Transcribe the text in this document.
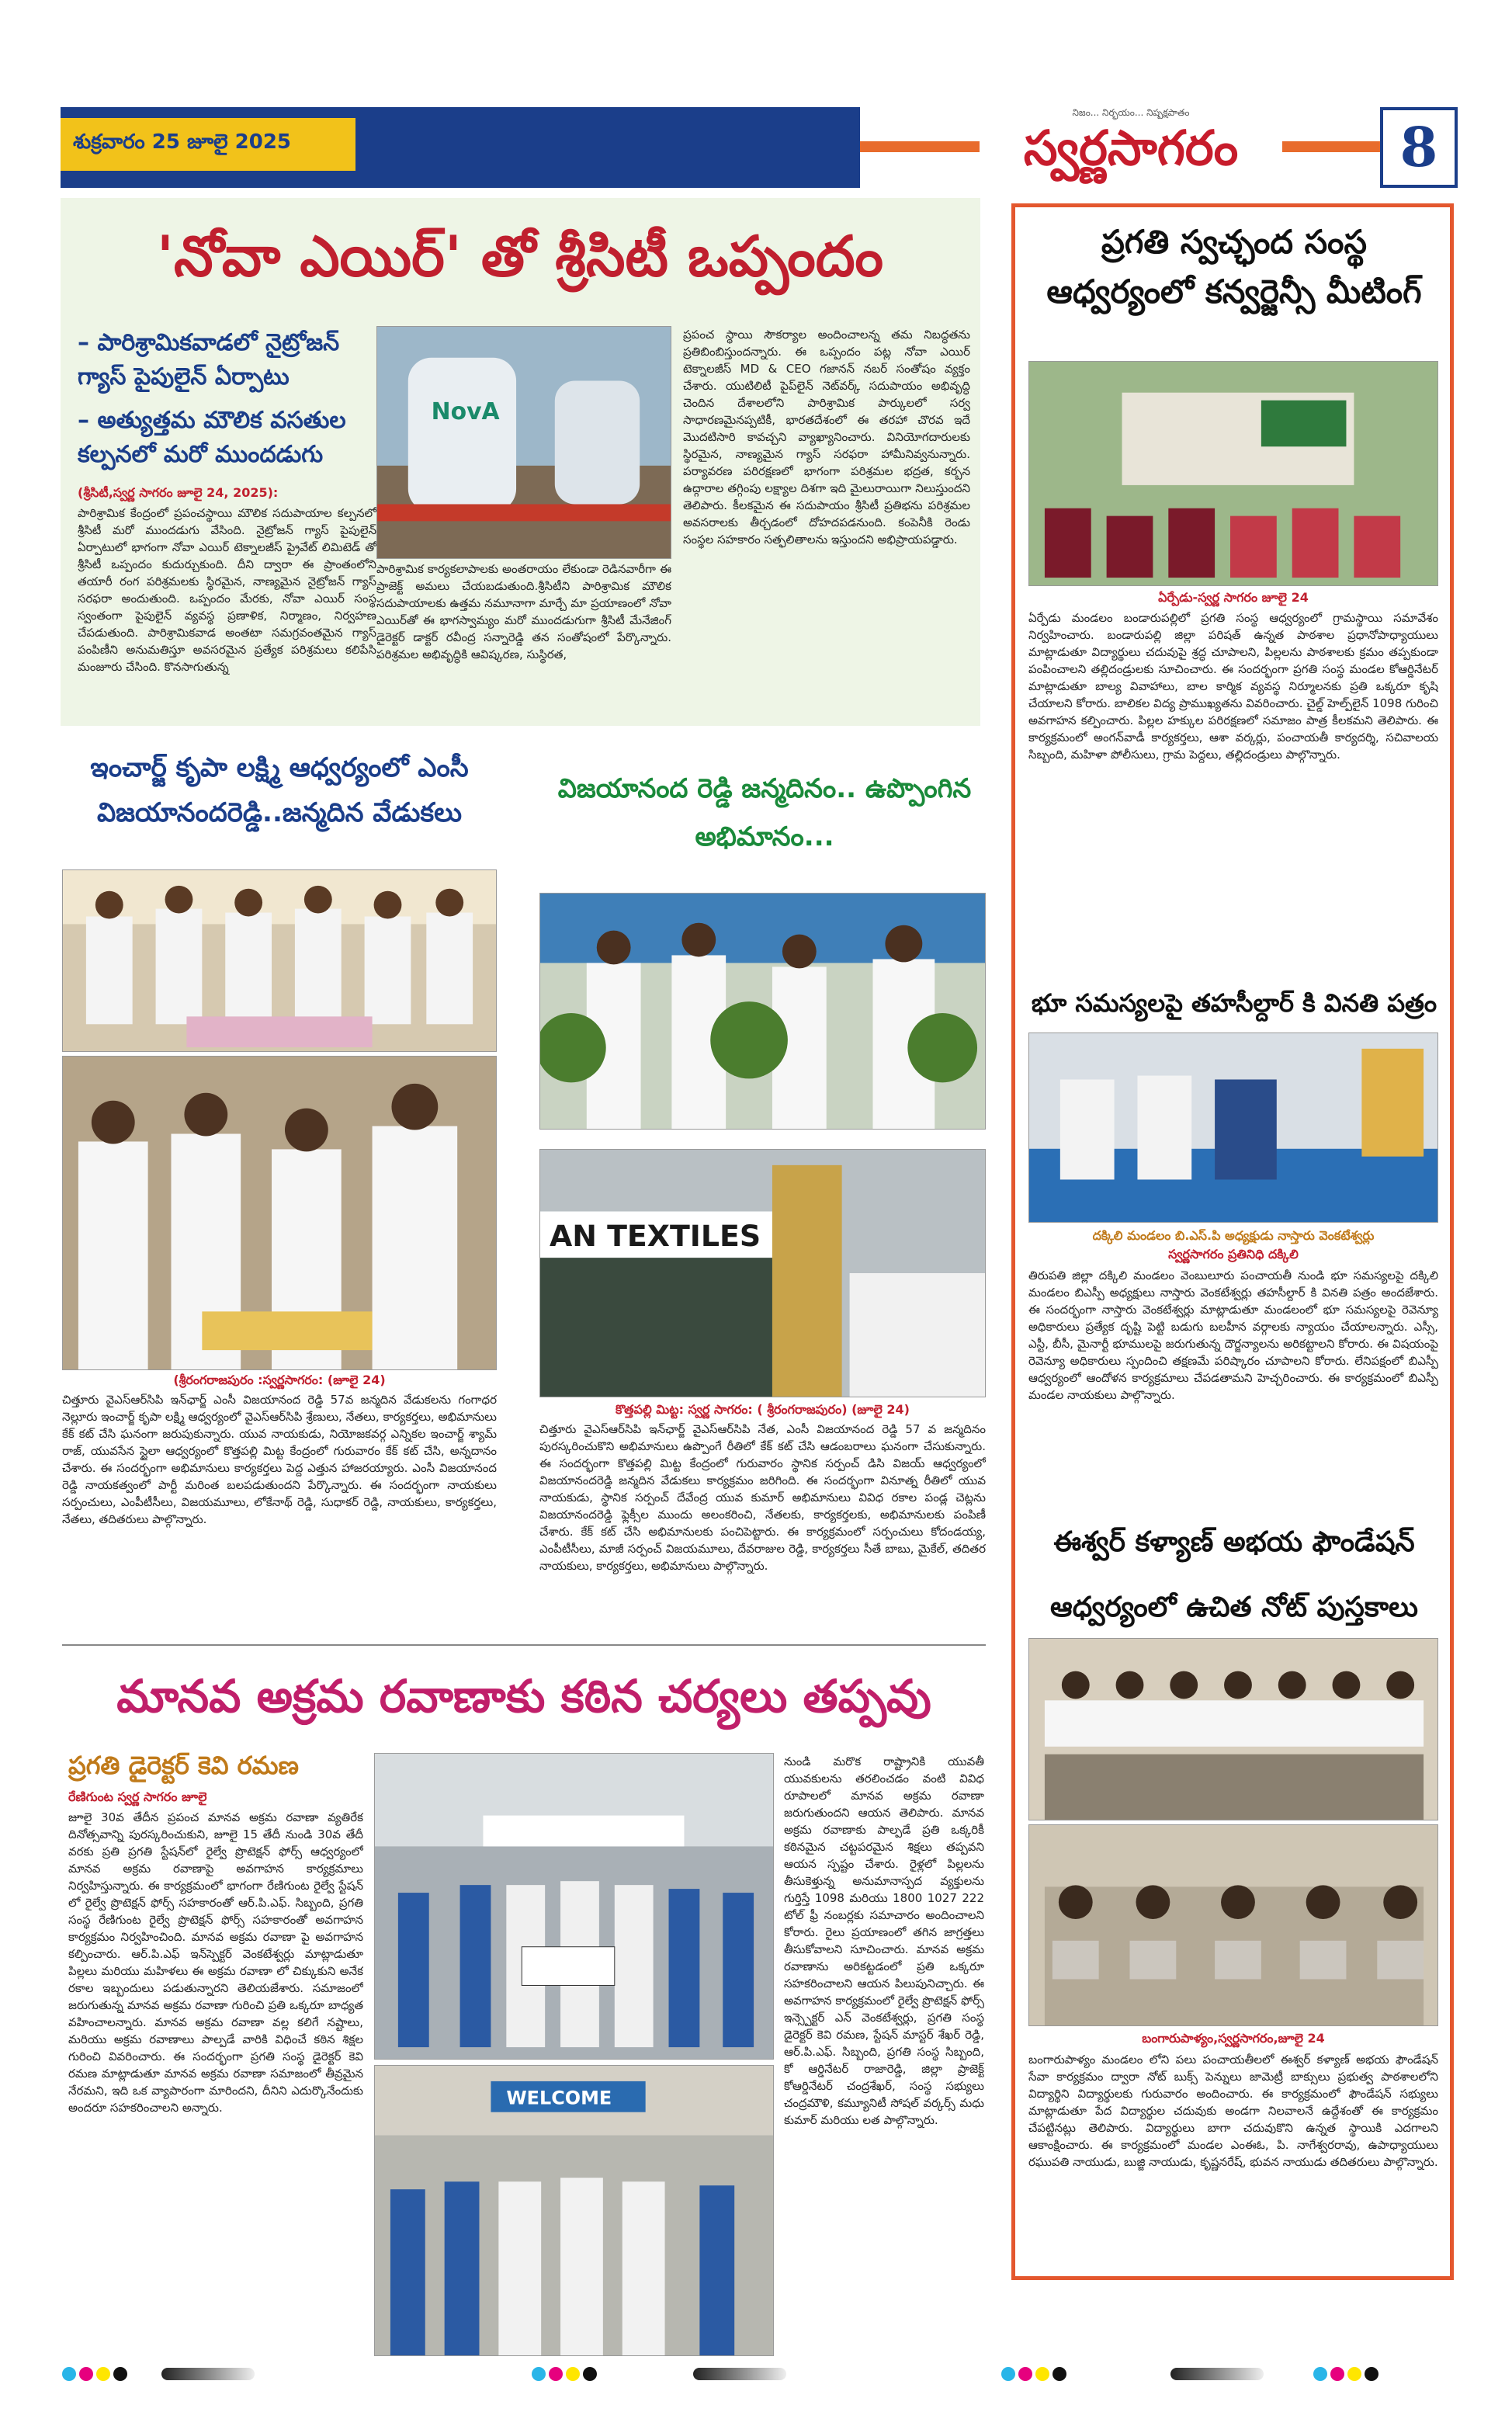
శుక్రవారం 25 జూలై 2025
నిజం... నిర్భయం... నిష్పక్షపాతం
స్వర్ణసాగరం	8
'నోవా ఎయిర్' తో శ్రీసిటీ ఒప్పందం
– పారిశ్రామికవాడలో నైట్రోజన్ గ్యాస్ పైపులైన్ ఏర్పాటు
– అత్యుత్తమ మౌలిక వసతుల కల్పనలో మరో ముందడుగు
(శ్రీసిటీ,స్వర్ణ సాగరం జూలై 24, 2025):
పారిశ్రామిక కేంద్రంలో ప్రపంచస్థాయి మౌలిక సదుపాయాల కల్పనలో శ్రీసిటీ మరో ముందడుగు వేసింది. నైట్రోజన్ గ్యాస్ పైపులైన్ ఏర్పాటులో భాగంగా నోవా ఎయిర్ టెక్నాలజీస్ ప్రైవేట్ లిమిటెడ్ తో శ్రీసిటీ ఒప్పందం కుదుర్చుకుంది. దీని ద్వారా ఈ ప్రాంతంలోని తయారీ రంగ పరిశ్రమలకు స్థిరమైన, నాణ్యమైన నైట్రోజన్ గ్యాస్ సరఫరా అందుతుంది. ఒప్పందం మేరకు, నోవా ఎయిర్ సంస్థ స్వంతంగా పైపులైన్ వ్యవస్థ ప్రణాళిక, నిర్మాణం, నిర్వహణ చేపడుతుంది. పారిశ్రామికవాడ అంతటా సమగ్రవంతమైన గ్యాస్ పంపిణీని అనుమతిస్తూ అవసరమైన ప్రత్యేక పరిశ్రమలు కలిపేసి మంజూరు చేసింది. కొనసాగుతున్న
NovA
పారిశ్రామిక కార్యకలాపాలకు అంతరాయం లేకుండా రెడినవారీగా ఈ ప్రాజెక్ట్ అమలు చేయబడుతుంది.శ్రీసిటీని పారిశ్రామిక మౌలిక సదుపాయాలకు ఉత్తమ నమూనాగా మార్చే మా ప్రయాణంలో నోవా ఎయిర్‌తో ఈ భాగస్వామ్యం మరో ముందడుగుగా శ్రీసిటీ మేనేజింగ్ డైరెక్టర్ డాక్టర్ రవీంద్ర సన్నారెడ్డి తన సంతోషంలో పేర్కొన్నారు. పరిశ్రమల అభివృద్ధికి ఆవిష్కరణ, సుస్థిరత,
ప్రపంచ స్థాయి సౌకర్యాల అందించాలన్న తమ నిబద్ధతను ప్రతిబింబిస్తుందన్నారు. ఈ ఒప్పందం పట్ల నోవా ఎయిర్ టెక్నాలజీస్ MD & CEO గజానన్ నబర్ సంతోషం వ్యక్తం చేశారు. యుటిలిటీ పైప్‌లైన్ నెట్‌వర్క్ సదుపాయం అభివృద్ధి చెందిన దేశాలలోని పారిశ్రామిక పార్కులలో సర్వ సాధారణమైనప్పటికీ, భారతదేశంలో ఈ తరహా చొరవ ఇదే మొదటిసారి కావచ్చని వ్యాఖ్యానించారు. వినియోగదారులకు స్థిరమైన, నాణ్యమైన గ్యాస్ సరఫరా హామీనివ్వనున్నారు. పర్యావరణ పరిరక్షణలో భాగంగా పరిశ్రమల భద్రత, కర్బన ఉద్గారాల తగ్గింపు లక్ష్యాల దిశగా ఇది మైలురాయిగా నిలుస్తుందని తెలిపారు. కీలకమైన ఈ సదుపాయం శ్రీసిటీ ప్రతిభను పరిశ్రమల అవసరాలకు తీర్చడంలో దోహదపడనుంది. కంపెనీకి రెండు సంస్థల సహకారం సత్ఫలితాలను ఇస్తుందని అభిప్రాయపడ్డారు.
ఇంచార్జ్ కృపా లక్ష్మి ఆధ్వర్యంలో ఎంసీ విజయానందరెడ్డి..జన్మదిన వేడుకలు
(శ్రీరంగరాజపురం :స్వర్ణసాగరం: (జూలై 24)
చిత్తూరు వైఎస్ఆర్‌సిపి ఇన్‌ఛార్జ్ ఎంసీ విజయానంద రెడ్డి 57వ జన్మదిన వేడుకలను గంగాధర నెల్లూరు ఇంచార్జ్ కృపా లక్ష్మి ఆధ్వర్యంలో వైఎస్ఆర్‌సిపి శ్రేణులు, నేతలు, కార్యకర్తలు, అభిమానులు కేక్ కట్ చేసి ఘనంగా జరుపుకున్నారు. యువ నాయకుడు, నియోజకవర్గ ఎన్నికల ఇంచార్జ్ శ్యామ్ రాజ్, యువసేన స్టైలా ఆధ్వర్యంలో కొత్తపల్లి మిట్ట కేంద్రంలో గురువారం కేక్ కట్ చేసి, అన్నదానం చేశారు. ఈ సందర్భంగా అభిమానులు కార్యకర్తలు పెద్ద ఎత్తున హాజరయ్యారు. ఎంసీ విజయానంద రెడ్డి నాయకత్వంలో పార్టీ మరింత బలపడుతుందని పేర్కొన్నారు. ఈ సందర్భంగా నాయకులు సర్పంచులు, ఎంపీటీసీలు, విజయమూలు, లోకేనాథ్ రెడ్డి, సుధాకర్ రెడ్డి, నాయకులు, కార్యకర్తలు, నేతలు, తదితరులు పాల్గొన్నారు.
విజయానంద రెడ్డి జన్మదినం.. ఉప్పొంగిన అభిమానం...
AN TEXTILES
కొత్తపల్లి మిట్ట: స్వర్ణ సాగరం: ( శ్రీరంగరాజపురం) (జూలై 24)
చిత్తూరు వైఎస్ఆర్‌సిపి ఇన్‌ఛార్జ్ వైఎస్ఆర్‌సిపి నేత, ఎంసీ విజయానంద రెడ్డి 57 వ జన్మదినం పురస్కరించుకొని అభిమానులు ఉప్పొంగే రీతిలో కేక్ కట్ చేసి ఆడంబరాలు ఘనంగా చేసుకున్నారు. ఈ సందర్భంగా కొత్తపల్లి మిట్ట కేంద్రంలో గురువారం స్థానిక సర్పంచ్ డిసి విజయ్ ఆధ్వర్యంలో విజయానందరెడ్డి జన్మదిన వేడుకలు కార్యక్రమం జరిగింది. ఈ సందర్భంగా వినూత్న రీతిలో యువ నాయకుడు, స్థానిక సర్పంచ్ దేవేంద్ర యువ కుమార్ అభిమానులు వివిధ రకాల పండ్ల చెట్లను విజయానందరెడ్డి ఫ్లెక్సీల ముందు అలంకరించి, నేతలకు, కార్యకర్తలకు, అభిమానులకు పంపిణీ చేశారు. కేక్ కట్ చేసి అభిమానులకు పంచిపెట్టారు. ఈ కార్యక్రమంలో సర్పంచులు కోదండయ్య, ఎంపీటీసీలు, మాజీ సర్పంచ్ విజయమూలు, దేవరాజుల రెడ్డి, కార్యకర్తలు సీతే బాబు, మైకేల్, తదితర నాయకులు, కార్యకర్తలు, అభిమానులు పాల్గొన్నారు.
మానవ అక్రమ రవాణాకు కఠిన చర్యలు తప్పవు
ప్రగతి డైరెక్టర్ కెవి రమణ
రేణిగుంట స్వర్ణ సాగరం జూలై
జూలై 30వ తేదీన ప్రపంచ మానవ అక్రమ రవాణా వ్యతిరేక దినోత్సవాన్ని పురస్కరించుకుని, జూలై 15 తేదీ నుండి 30వ తేదీ వరకు ప్రతి ప్రగతి స్టేషన్‌లో రైల్వే ప్రొటెక్షన్ ఫోర్స్ ఆధ్వర్యంలో మానవ అక్రమ రవాణాపై అవగాహన కార్యక్రమాలు నిర్వహిస్తున్నారు. ఈ కార్యక్రమంలో భాగంగా రేణిగుంట రైల్వే స్టేషన్ లో రైల్వే ప్రొటెక్షన్ ఫోర్స్ సహకారంతో ఆర్.పి.ఎఫ్. సిబ్బంది, ప్రగతి సంస్థ రేణిగుంట రైల్వే ప్రొటెక్షన్ ఫోర్స్ సహకారంతో అవగాహన కార్యక్రమం నిర్వహించింది. మానవ అక్రమ రవాణా పై అవగాహన కల్పించారు. ఆర్.పి.ఎఫ్ ఇన్‌స్పెక్టర్ వెంకటేశ్వర్లు మాట్లాడుతూ పిల్లలు మరియు మహిళలు ఈ అక్రమ రవాణా లో చిక్కుకుని అనేక రకాల ఇబ్బందులు పడుతున్నారని తెలియజేశారు. సమాజంలో జరుగుతున్న మానవ అక్రమ రవాణా గురించి ప్రతి ఒక్కరూ బాధ్యత వహించాలన్నారు. మానవ అక్రమ రవాణా వల్ల కలిగే నష్టాలు, మరియు అక్రమ రవాణాలు పాల్పడే వారికి విధించే కఠిన శిక్షల గురించి వివరించారు. ఈ సందర్భంగా ప్రగతి సంస్థ డైరెక్టర్ కెవి రమణ మాట్లాడుతూ మానవ అక్రమ రవాణా సమాజంలో తీవ్రమైన నేరమని, ఇది ఒక వ్యాపారంగా మారిందని, దీనిని ఎదుర్కొనేందుకు అందరూ సహకరించాలని అన్నారు.	WELCOME
నుండి మరొక రాష్ట్రానికి యువతీ యువకులను తరలించడం వంటి వివిధ రూపాలలో మానవ అక్రమ రవాణా జరుగుతుందని ఆయన తెలిపారు. మానవ అక్రమ రవాణాకు పాల్పడే ప్రతి ఒక్కరికీ కఠినమైన చట్టపరమైన శిక్షలు తప్పవని ఆయన స్పష్టం చేశారు. రైళ్లలో పిల్లలను తీసుకెళ్తున్న అనుమానాస్పద వ్యక్తులను గుర్తిస్తే 1098 మరియు 1800 1027 222 టోల్ ఫ్రీ నంబర్లకు సమాచారం అందించాలని కోరారు. రైలు ప్రయాణంలో తగిన జాగ్రత్తలు తీసుకోవాలని సూచించారు. మానవ అక్రమ రవాణాను అరికట్టడంలో ప్రతి ఒక్కరూ సహకరించాలని ఆయన పిలుపునిచ్చారు. ఈ అవగాహన కార్యక్రమంలో రైల్వే ప్రొటెక్షన్ ఫోర్స్ ఇన్స్పెక్టర్ ఎన్ వెంకటేశ్వర్లు, ప్రగతి సంస్థ డైరెక్టర్ కెవి రమణ, స్టేషన్ మాస్టర్ శేఖర్ రెడ్డి, ఆర్.పి.ఎఫ్. సిబ్బంది, ప్రగతి సంస్థ సిబ్బంది, కో ఆర్డినేటర్ రాజారెడ్డి, జిల్లా ప్రాజెక్ట్ కోఆర్డినేటర్ చంద్రశేఖర్, సంస్థ సభ్యులు చంద్రమౌళి, కమ్యూనిటీ సోషల్ వర్కర్స్ మధు కుమార్ మరియు లత పాల్గొన్నారు.
ప్రగతి స్వచ్ఛంద సంస్థ ఆధ్వర్యంలో కన్వర్జెన్సీ మీటింగ్
ఏర్పేడు-స్వర్ణ సాగరం జూలై 24
ఏర్పేడు మండలం బండారుపల్లిలో ప్రగతి సంస్థ ఆధ్వర్యంలో గ్రామస్థాయి సమావేశం నిర్వహించారు. బండారుపల్లి జిల్లా పరిషత్ ఉన్నత పాఠశాల ప్రధానోపాధ్యాయులు మాట్లాడుతూ విద్యార్థులు చదువుపై శ్రద్ధ చూపాలని, పిల్లలను పాఠశాలకు క్రమం తప్పకుండా పంపించాలని తల్లిదండ్రులకు సూచించారు. ఈ సందర్భంగా ప్రగతి సంస్థ మండల కోఆర్డినేటర్ మాట్లాడుతూ బాల్య వివాహాలు, బాల కార్మిక వ్యవస్థ నిర్మూలనకు ప్రతి ఒక్కరూ కృషి చేయాలని కోరారు. బాలికల విద్య ప్రాముఖ్యతను వివరించారు. చైల్డ్ హెల్ప్‌లైన్ 1098 గురించి అవగాహన కల్పించారు. పిల్లల హక్కుల పరిరక్షణలో సమాజం పాత్ర కీలకమని తెలిపారు. ఈ కార్యక్రమంలో అంగన్‌వాడీ కార్యకర్తలు, ఆశా వర్కర్లు, పంచాయతీ కార్యదర్శి, సచివాలయ సిబ్బంది, మహిళా పోలీసులు, గ్రామ పెద్దలు, తల్లిదండ్రులు పాల్గొన్నారు.
భూ సమస్యలపై తహసీల్దార్ కి వినతి పత్రం
దక్కిలి మండలం బి.ఎస్.పి అధ్యక్షుడు నాస్తారు వెంకటేశ్వర్లు
స్వర్ణసాగరం ప్రతినిధి దక్కిలి
తిరుపతి జిల్లా దక్కిలి మండలం వెంబులూరు పంచాయతీ నుండి భూ సమస్యలపై దక్కిలి మండలం బిఎస్పీ అధ్యక్షులు నాస్తారు వెంకటేశ్వర్లు తహసీల్దార్ కి వినతి పత్రం అందజేశారు. ఈ సందర్భంగా నాస్తారు వెంకటేశ్వర్లు మాట్లాడుతూ మండలంలో భూ సమస్యలపై రెవెన్యూ అధికారులు ప్రత్యేక దృష్టి పెట్టి బడుగు బలహీన వర్గాలకు న్యాయం చేయాలన్నారు. ఎస్సీ, ఎస్టీ, బీసీ, మైనార్టీ భూములపై జరుగుతున్న దౌర్జన్యాలను అరికట్టాలని కోరారు. ఈ విషయంపై రెవెన్యూ అధికారులు స్పందించి తక్షణమే పరిష్కారం చూపాలని కోరారు. లేనిపక్షంలో బిఎస్పీ ఆధ్వర్యంలో ఆందోళన కార్యక్రమాలు చేపడతామని హెచ్చరించారు. ఈ కార్యక్రమంలో బిఎస్పీ మండల నాయకులు పాల్గొన్నారు.
ఈశ్వర్ కళ్యాణ్ అభయ ఫౌండేషన్ ఆధ్వర్యంలో ఉచిత నోట్ పుస్తకాలు
బంగారుపాళ్యం,స్వర్ణసాగరం,జూలై 24
బంగారుపాళ్యం మండలం లోని పలు పంచాయతీలలో ఈశ్వర్ కళ్యాణ్ అభయ ఫౌండేషన్ సేవా కార్యక్రమం ద్వారా నోట్ బుక్స్ పెన్నులు జామెట్రీ బాక్సులు ప్రభుత్వ పాఠశాలలోని విద్యార్థిని విద్యార్థులకు గురువారం అందించారు. ఈ కార్యక్రమంలో ఫౌండేషన్ సభ్యులు మాట్లాడుతూ పేద విద్యార్థుల చదువుకు అండగా నిలవాలనే ఉద్దేశంతో ఈ కార్యక్రమం చేపట్టినట్లు తెలిపారు. విద్యార్థులు బాగా చదువుకొని ఉన్నత స్థాయికి ఎదగాలని ఆకాంక్షించారు. ఈ కార్యక్రమంలో మండల ఎంఈఓ, పి. నాగేశ్వరరావు, ఉపాధ్యాయులు రఘుపతి నాయుడు, బుజ్జి నాయుడు, కృష్ణనరేష్, భువన నాయుడు తదితరులు పాల్గొన్నారు.
